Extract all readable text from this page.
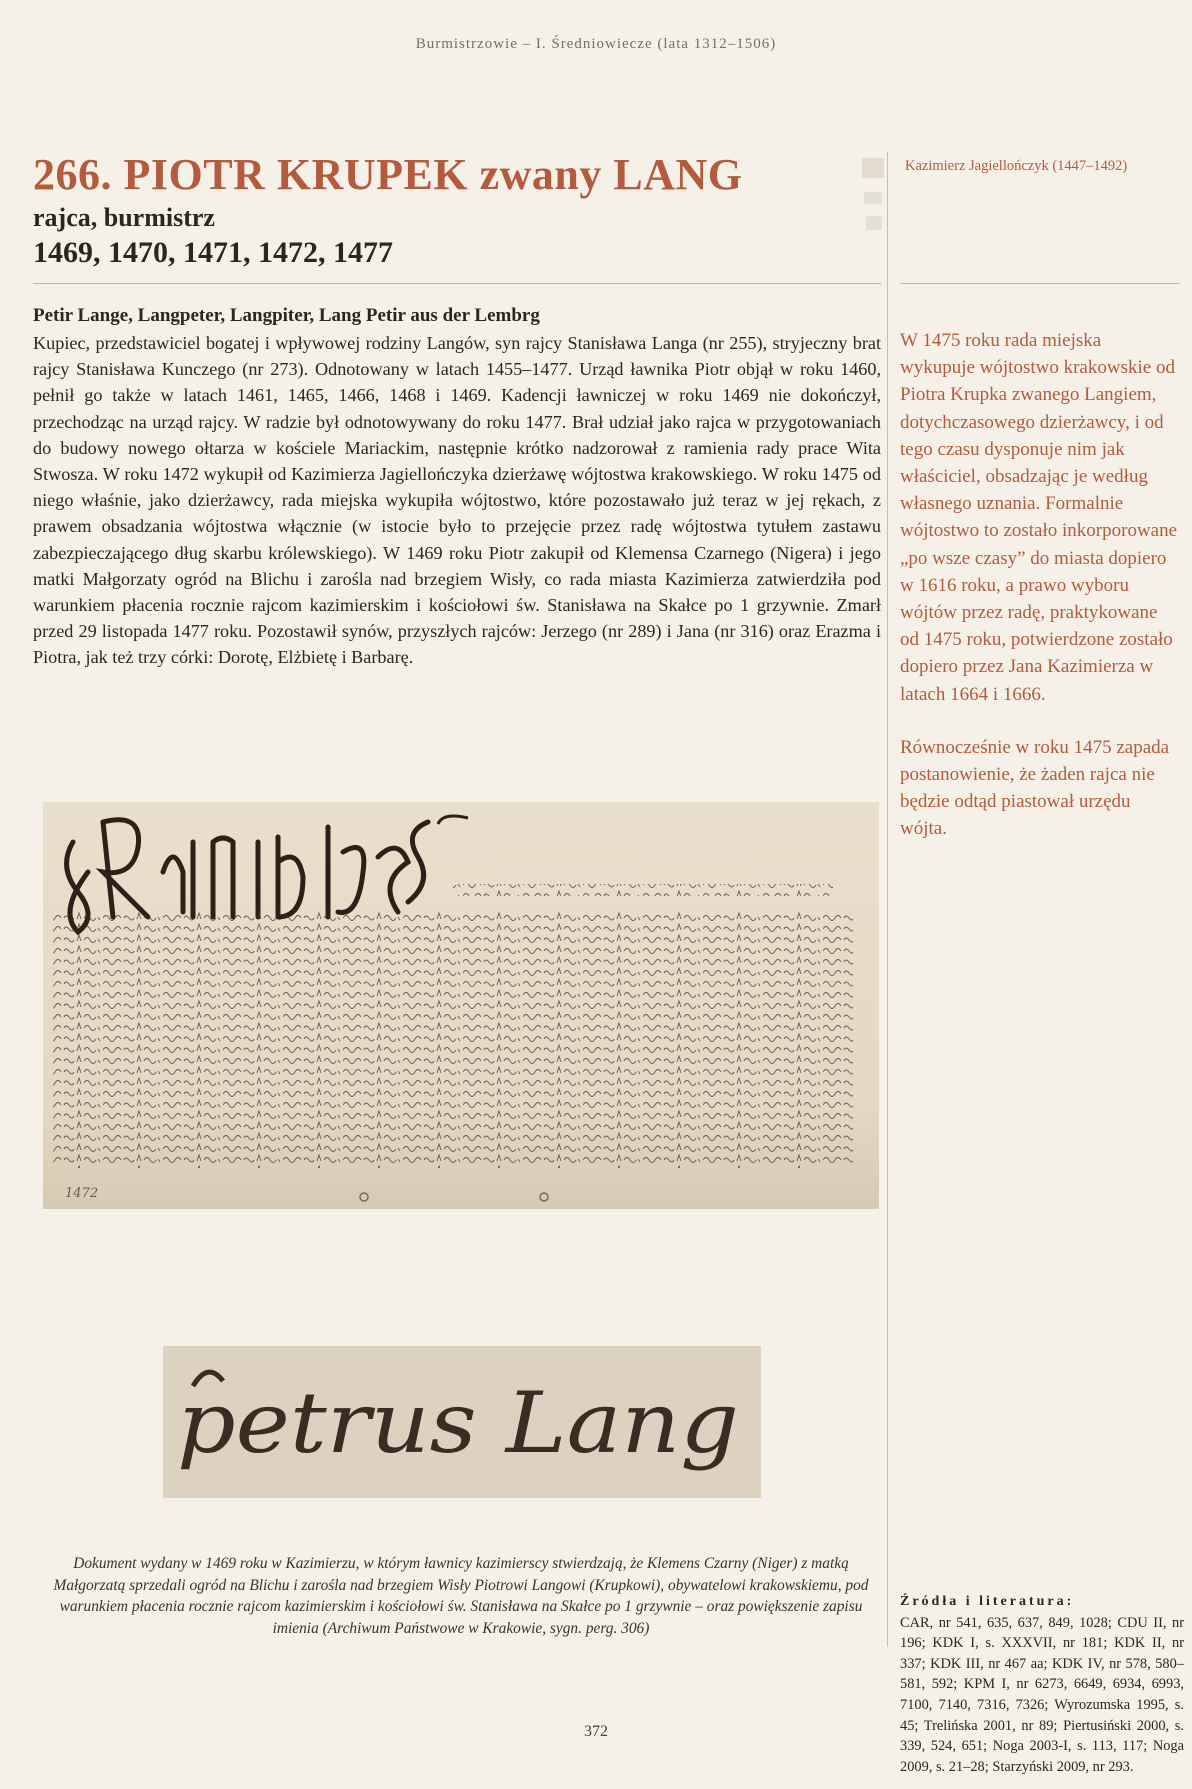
Burmistrzowie – I. Średniowiecze (lata 1312–1506)
266. PIOTR KRUPEK zwany LANG
rajca, burmistrz
1469, 1470, 1471, 1472, 1477
Kazimierz Jagiellończyk (1447–1492)

Petir Lange, Langpeter, Langpiter, Lang Petir aus der Lembrg

Kupiec, przedstawiciel bogatej i wpływowej rodziny Langów, syn rajcy Stanisława Langa (nr 255), stryjeczny brat rajcy Stanisława Kunczego (nr 273). Odnotowany w latach 1455–1477. Urząd ławnika Piotr objął w roku 1460, pełnił go także w latach 1461, 1465, 1466, 1468 i 1469. Kadencji ławniczej w roku 1469 nie dokończył, przechodząc na urząd rajcy. W radzie był odnotowywany do roku 1477. Brał udział jako rajca w przygotowaniach do budowy nowego ołtarza w kościele Mariackim, następnie krótko nadzorował z ramienia rady prace Wita Stwosza. W roku 1472 wykupił od Kazimierza Jagiellończyka dzierżawę wójtostwa krakowskiego. W roku 1475 od niego właśnie, jako dzierżawcy, rada miejska wykupiła wójtostwo, które pozostawało już teraz w jej rękach, z prawem obsadzania wójtostwa włącznie (w istocie było to przejęcie przez radę wójtostwa tytułem zastawu zabezpieczającego dług skarbu królewskiego). W 1469 roku Piotr zakupił od Klemensa Czarnego (Nigera) i jego matki Małgorzaty ogród na Blichu i zarośla nad brzegiem Wisły, co rada miasta Kazimierza zatwierdziła pod warunkiem płacenia rocznie rajcom kazimierskim i kościołowi św. Stanisława na Skałce po 1 grzywnie. Zmarł przed 29 listopada 1477 roku. Pozostawił synów, przyszłych rajców: Jerzego (nr 289) i Jana (nr 316) oraz Erazma i Piotra, jak też trzy córki: Dorotę, Elżbietę i Barbarę.

W 1475 roku rada miejska wykupuje wójtostwo krakowskie od Piotra Krupka zwanego Langiem, dotychczasowego dzierżawcy, i od tego czasu dysponuje nim jak właściciel, obsadzając je według własnego uznania. Formalnie wójtostwo to zostało inkorporowane „po wsze czasy” do miasta dopiero w 1616 roku, a prawo wyboru wójtów przez radę, praktykowane od 1475 roku, potwierdzone zostało dopiero przez Jana Kazimierza w latach 1664 i 1666.

Równocześnie w roku 1475 zapada postanowienie, że żaden rajca nie będzie odtąd piastował urzędu wójta.

1472
petrus Lang

Dokument wydany w 1469 roku w Kazimierzu, w którym ławnicy kazimierscy stwierdzają, że Klemens Czarny (Niger) z matką Małgorzatą sprzedali ogród na Blichu i zarośla nad brzegiem Wisły Piotrowi Langowi (Krupkowi), obywatelowi krakowskiemu, pod warunkiem płacenia rocznie rajcom kazimierskim i kościołowi św. Stanisława na Skałce po 1 grzywnie – oraz powiększenie zapisu imienia (Archiwum Państwowe w Krakowie, sygn. perg. 306)

Źródła i literatura:

CAR, nr 541, 635, 637, 849, 1028; CDU II, nr 196; KDK I, s. XXXVII, nr 181; KDK II, nr 337; KDK III, nr 467 aa; KDK IV, nr 578, 580–581, 592; KPM I, nr 6273, 6649, 6934, 6993, 7100, 7140, 7316, 7326; Wyrozumska 1995, s. 45; Trelińska 2001, nr 89; Piertusiński 2000, s. 339, 524, 651; Noga 2003-I, s. 113, 117; Noga 2009, s. 21–28; Starzyński 2009, nr 293.

372
